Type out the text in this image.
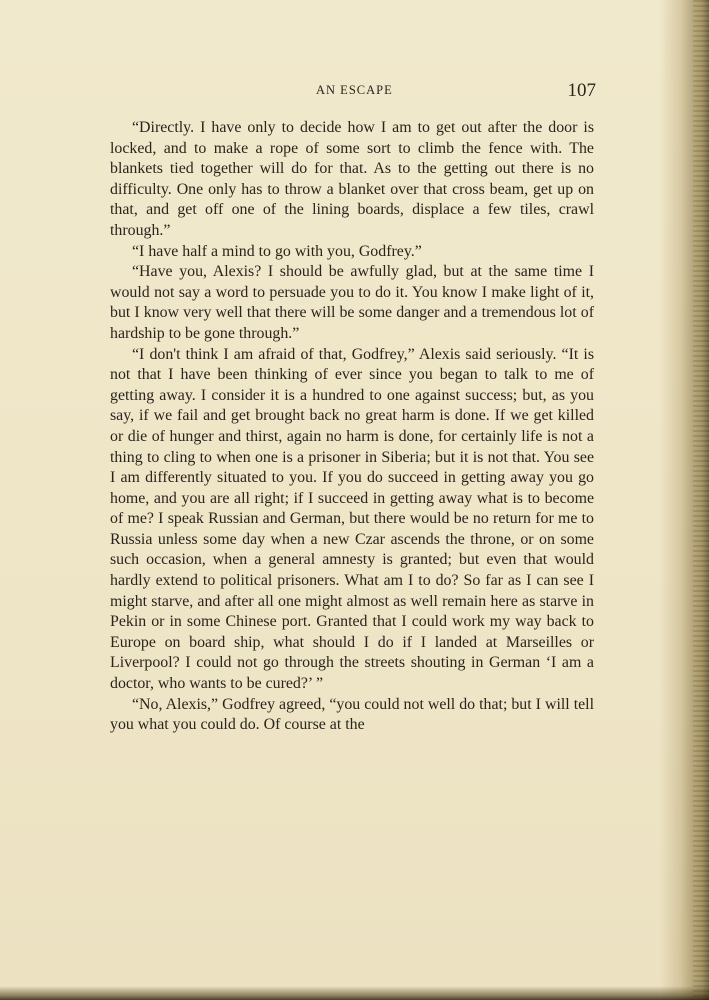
AN ESCAPE	107

“Directly. I have only to decide how I am to get out after the door is locked, and to make a rope of some sort to climb the fence with. The blankets tied together will do for that. As to the getting out there is no difficulty. One only has to throw a blanket over that cross beam, get up on that, and get off one of the lining boards, displace a few tiles, crawl through.”

“I have half a mind to go with you, Godfrey.”

“Have you, Alexis? I should be awfully glad, but at the same time I would not say a word to persuade you to do it. You know I make light of it, but I know very well that there will be some danger and a tremendous lot of hardship to be gone through.”

“I don't think I am afraid of that, Godfrey,” Alexis said seriously. “It is not that I have been thinking of ever since you began to talk to me of getting away. I consider it is a hundred to one against success; but, as you say, if we fail and get brought back no great harm is done. If we get killed or die of hunger and thirst, again no harm is done, for certainly life is not a thing to cling to when one is a prisoner in Siberia; but it is not that. You see I am differently situated to you. If you do succeed in getting away you go home, and you are all right; if I succeed in getting away what is to become of me? I speak Russian and German, but there would be no return for me to Russia unless some day when a new Czar ascends the throne, or on some such occasion, when a general amnesty is granted; but even that would hardly extend to political prisoners. What am I to do? So far as I can see I might starve, and after all one might almost as well remain here as starve in Pekin or in some Chinese port. Granted that I could work my way back to Europe on board ship, what should I do if I landed at Marseilles or Liverpool? I could not go through the streets shouting in German ‘I am a doctor, who wants to be cured?’ ”

“No, Alexis,” Godfrey agreed, “you could not well do that; but I will tell you what you could do. Of course at the
